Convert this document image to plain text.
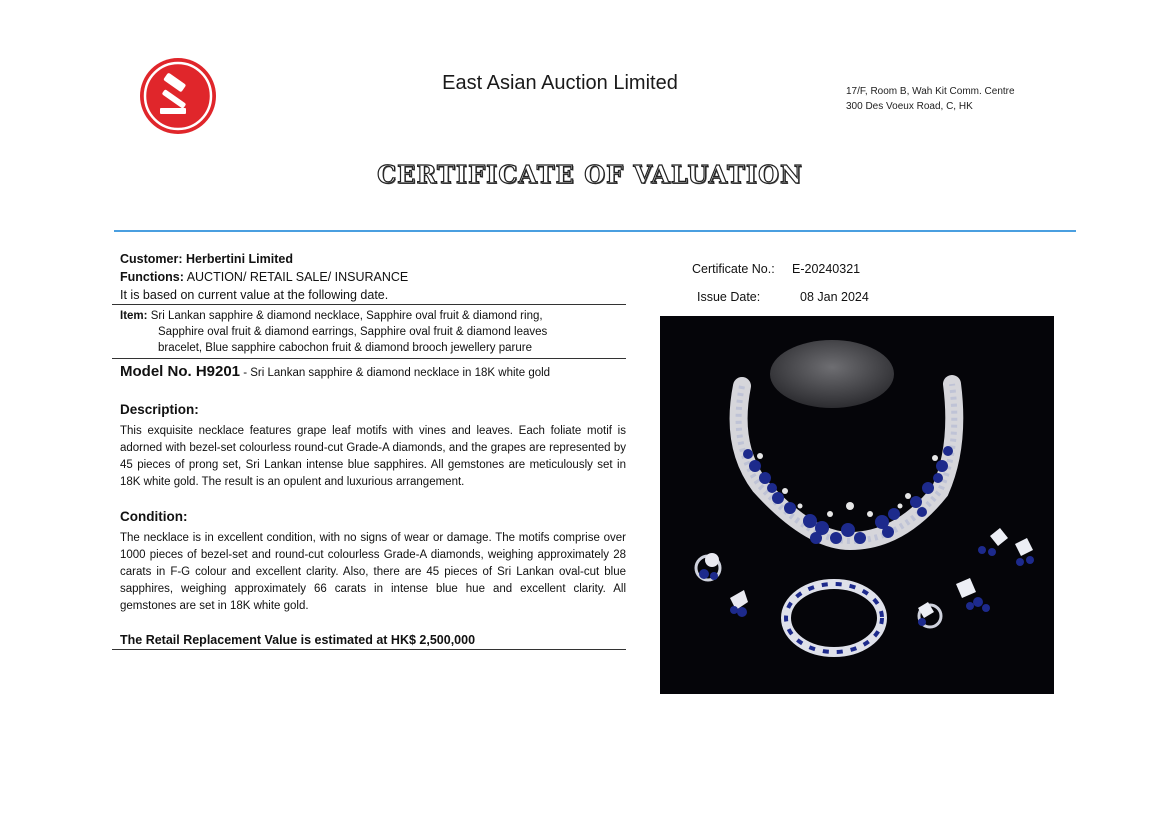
East Asian Auction Limited	17/F, Room B, Wah Kit Comm. Centre
300 Des Voeux Road, C, HK
CERTIFICATE OF VALUATION
Customer: Herbertini Limited
Functions: AUCTION/ RETAIL SALE/ INSURANCE
It is based on current value at the following date.
Item: Sri Lankan sapphire & diamond necklace, Sapphire oval fruit & diamond ring,
Sapphire oval fruit & diamond earrings, Sapphire oval fruit & diamond leaves
bracelet, Blue sapphire cabochon fruit & diamond brooch jewellery parure
Model No. H9201 - Sri Lankan sapphire & diamond necklace in 18K white gold
Description:
This exquisite necklace features grape leaf motifs with vines and leaves. Each foliate motif is adorned with bezel-set colourless round-cut Grade-A diamonds, and the grapes are represented by 45 pieces of prong set, Sri Lankan intense blue sapphires. All gemstones are meticulously set in 18K white gold. The result is an opulent and luxurious arrangement.
Condition:
The necklace is in excellent condition, with no signs of wear or damage. The motifs comprise over 1000 pieces of bezel-set and round-cut colourless Grade-A diamonds, weighing approximately 28 carats in F-G colour and excellent clarity. Also, there are 45 pieces of Sri Lankan oval-cut blue sapphires, weighing approximately 66 carats in intense blue hue and excellent clarity. All gemstones are set in 18K white gold.
The Retail Replacement Value is estimated at HK$ 2,500,000
Certificate No.: E-20240321
Issue Date:	08 Jan 2024
